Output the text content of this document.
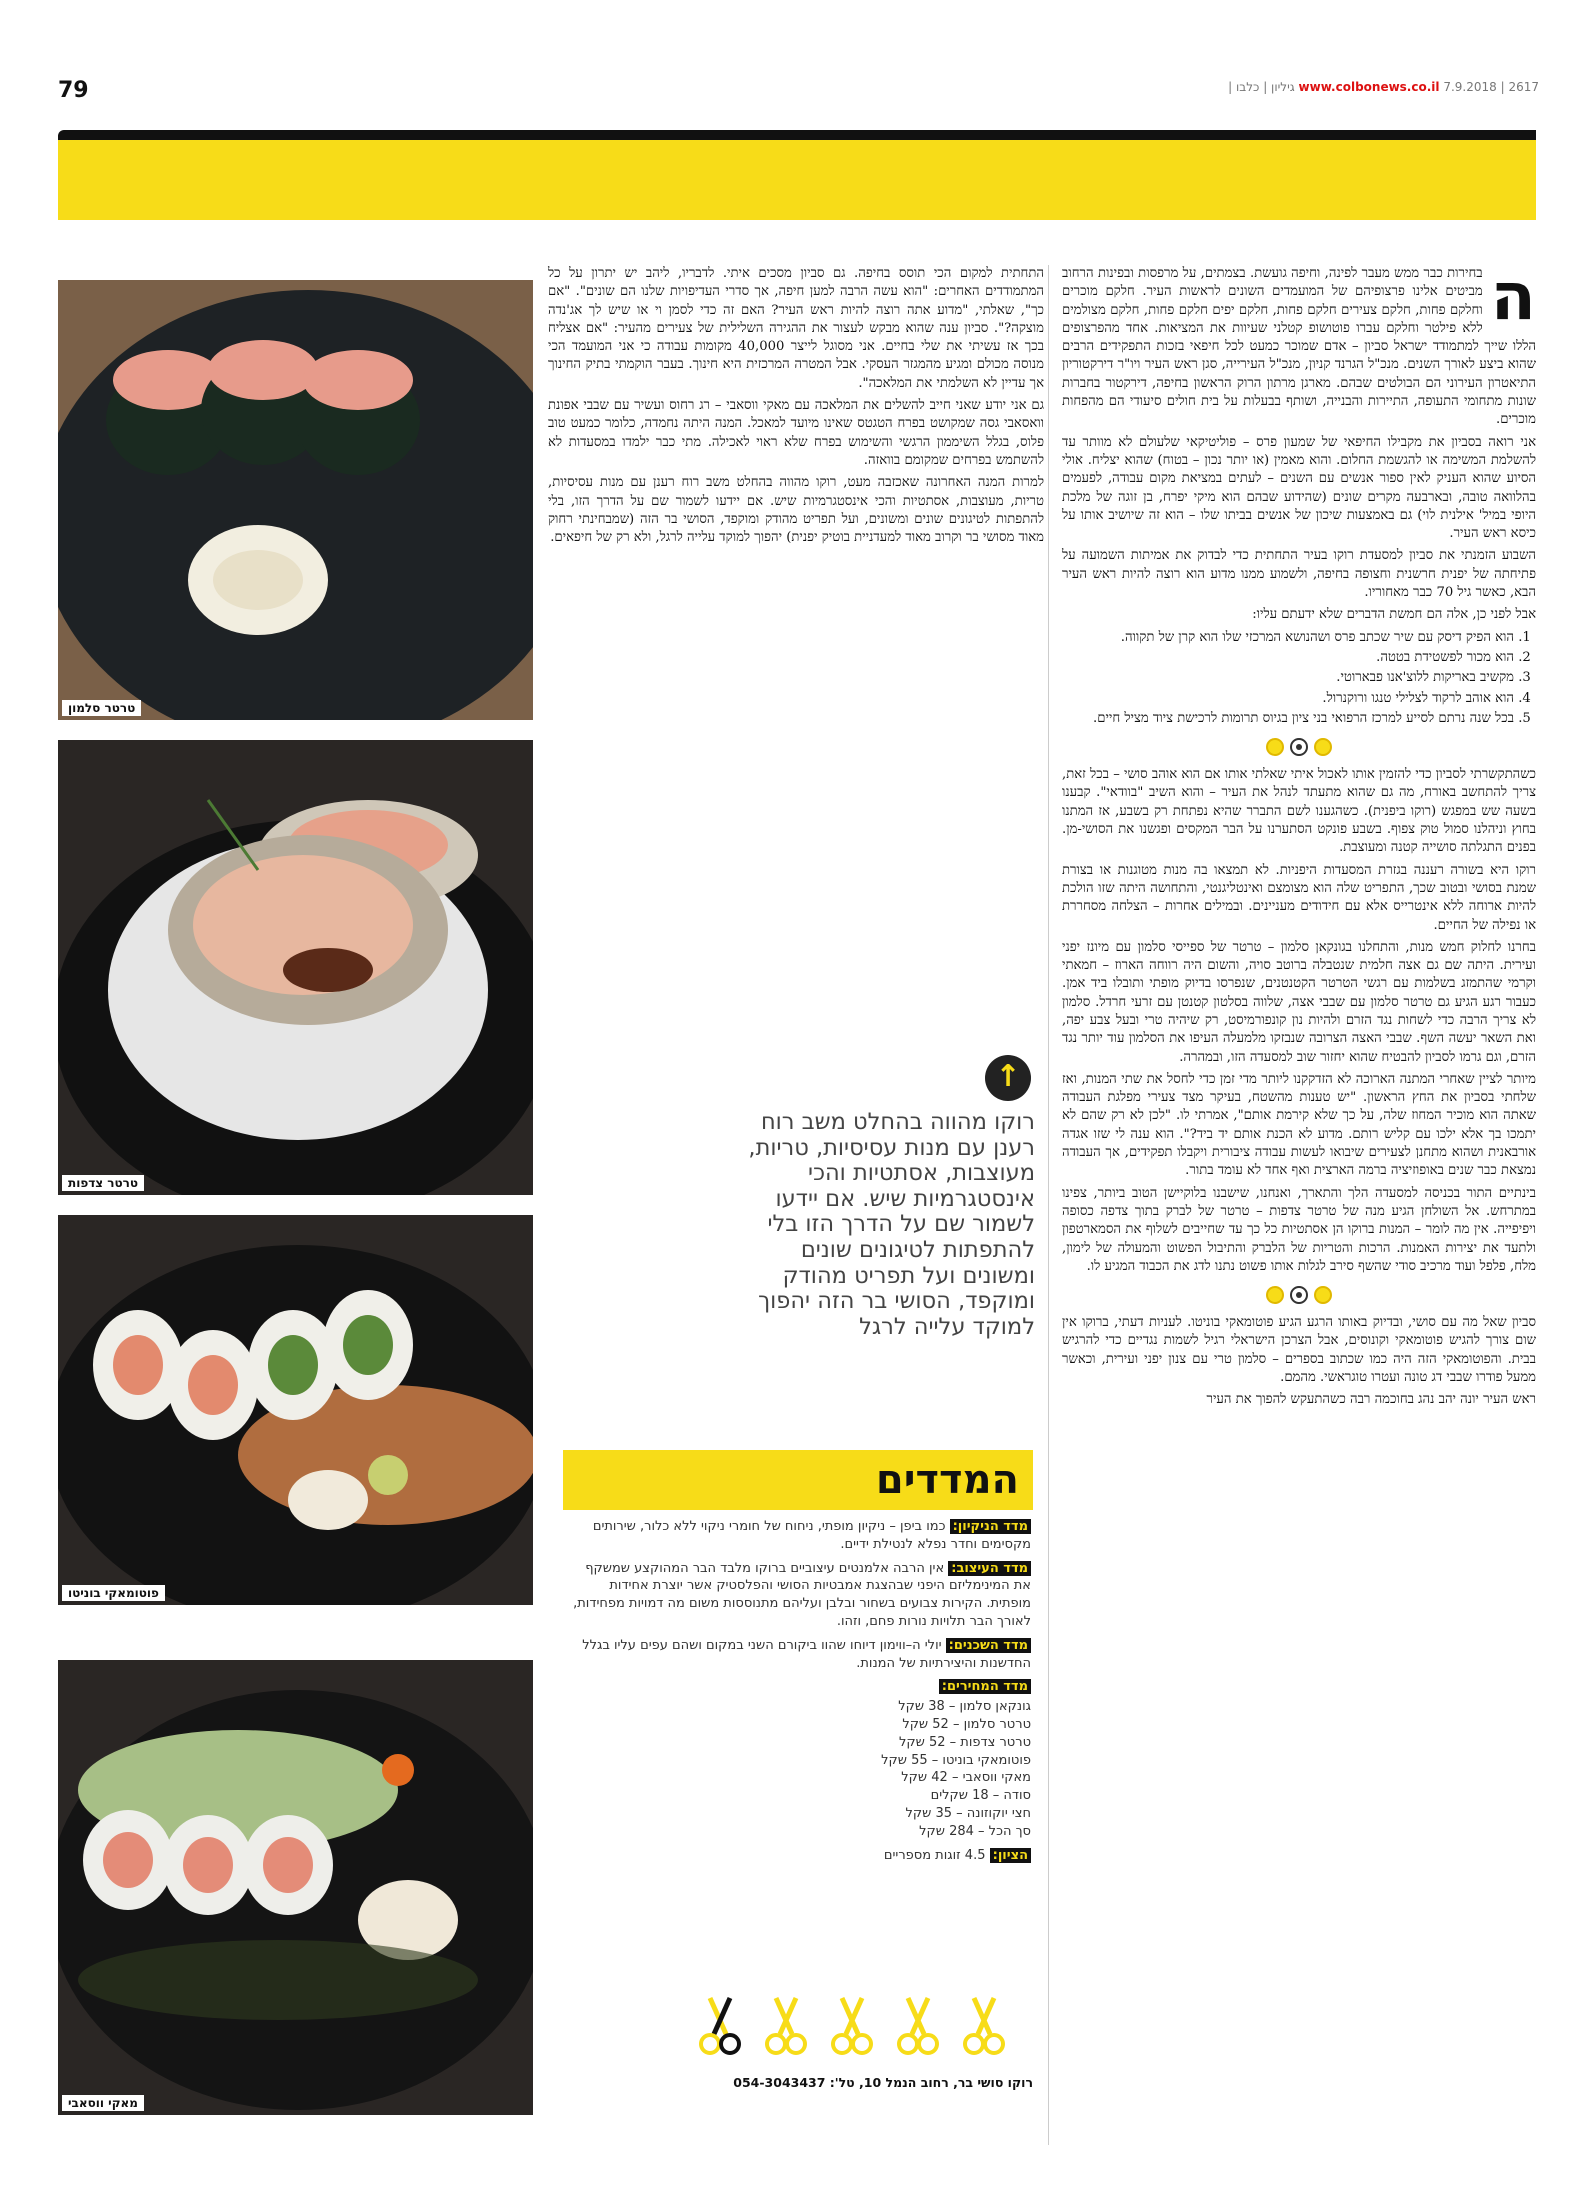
79	www.colbonews.co.il 7.9.2018 | 2617 גיליון | כלבו |
ה

בחירות כבר ממש מעבר לפינה, וחיפה גועשת. בצמתים, על מרפסות ובפינות הרחוב מביטים אלינו פרצופיהם של המועמדים השונים לראשות העיר. חלקם מוכרים וחלקם פחות, חלקם צעירים חלקם פחות, חלקם יפים חלקם פחות, חלקם מצולמים ללא פילטר וחלקם עברו פוטושופ קטלני שעיוות את המציאות. אחד מהפרצופים הללו שייך למתמודד ישראל סביון – אדם שמוכר כמעט לכל חיפאי בזכות התפקידים הרבים שהוא ביצע לאורך השנים. מנכ"ל הגרנד קניון, מנכ"ל העירייה, סגן ראש העיר ויו"ר דירקטוריון התיאטרון העירוני הם הבולטים שבהם. מארגן מרתון הרוק הראשון בחיפה, דירקטור בחברות שונות מתחומי התעופה, התיירות והבנייה, ושותף בבעלות על בית חולים סיעודי הם מהפחות מוכרים.

אני רואה בסביון את מקבילו החיפאי של שמעון פרס – פוליטיקאי שלעולם לא מוותר עד להשלמת המשימה או להגשמת החלום. והוא מאמין (או יותר נכון – בטוח) שהוא יצליח. אולי הסיוע שהוא העניק לאין ספור אנשים עם השנים – לעתים במציאת מקום עבודה, לפעמים בהלוואה טובה, ובארבעה מקרים שונים (שהידוע שבהם הוא מיקי יפרח, בן זוגה של מלכת היופי במיל' אילנית לוי) גם באמצעות שיכון של אנשים בביתו שלו – הוא זה שיושיב אותו על כיסא ראש העיר.

השבוע הזמנתי את סביון למסעדת רוקו בעיר התחתית כדי לבדוק את אמיתות השמועה על פתיחתה של יפנית חרשנית וחצופה בחיפה, ולשמוע ממנו מדוע הוא רוצה להיות ראש העיר הבא, כאשר גיל 70 כבר מאחוריו.

אבל לפני כן, אלה הם חמשת הדברים שלא ידעתם עליו:

1. הוא הפיק דיסק עם שיר שכתב פרס ושהנושא המרכזי שלו הוא קרן של תקווה.
2. הוא מכור לפשטידת בטטה.
3. מקשיב באריקות ללוצ'אנו פבארוטי.
4. הוא אוהב לרקוד לצלילי טנגו ורוקנרול.
5. בכל שנה נרתם לסייע למרכז הרפואי בני ציון בגיוס תרומות לרכישת ציוד מציל חיים.

כשהתקשרתי לסביון כדי להזמין אותו לאכול איתי שאלתי אותו אם הוא אוהב סושי – בכל זאת, צריך להתחשב באורח, מה גם שהוא מתעתד לנהל את העיר – והוא השיב "בוודאי". קבענו בשעה שש במפגש (רוקו ביפנית). כשהגענו לשם התברר שהיא נפתחת רק בשבע, אז המתנו בחוץ וניהלנו סמול טוק צפוף. בשבע פונקט הסתערנו על הבר המקסים ופגשנו את הסושי-מן. בפנים התגלתה סושייה קטנה ומעוצבת.

רוקו היא בשורה רעננה בגזרת המסעדות היפניות. לא תמצאו בה מנות מטוגנות או בצורת שמנת בסושי ובטוב שכך, התפריט שלה הוא מצומצם ואינטליגנטי, והתחושה היתה שזו הולכת להיות ארוחה ללא אינטרייס אלא עם חידודים מעניינים. ובמילים אחרות – הצלחה מסחררת או נפילה של החיים.

בחרנו לחלוק חמש מנות, והתחלנו בגונקאן סלמון – טרטר של ספייסי סלמון עם מיונז יפני ועירית. היתה שם גם אצה חלמית שנטבלה ברוטב סויה, והשום היה רווחה הארוז – חמאתי וקרמי שהתמזג בשלמות עם רגשי הטרטר הקטנטנים, שנפרסו בדיוק מופתי ותובלו ביד אמן. כעבור רגע הגיע גם טרטר סלמון עם שבבי אצה, שלווה בסלטון קטנטן עם זרעי חרדל. סלמון לא צריך הרבה כדי לשחות נגד הזרם ולהיות נון קונפורמיסט, רק שיהיה טרי ובעל צבע יפה, ואת השאר יעשה השף. שבבי האצה הצרובה שנבזקו מלמעלה העיפו את הסלמון עוד יותר נגד הזרם, וגם גרמו לסביון להבטיח שהוא יחזור שוב למסעדה הזו, ובמהרה.

מיותר לציין שאחרי המתנה הארוכה לא הזדקקנו ליותר מדי זמן כדי לחסל את שתי המנות, ואז שלחתי בסביון את החץ הראשון. "יש טענות מהשטח, בעיקר מצד צעירי מפלגת העבודה שאתה הוא מוכיר המחוז שלה, על כך שלא קירמת אותם", אמרתי לו. "לכן לא רק שהם לא יתמכו בך אלא ילכו עם קליש רותם. מדוע לא הכנת אותם יד ביד?". הוא ענה לי שזו אגדה אורבאנית ושהוא מתחנן לצעירים שיבואו לעשות עבודה ציבורית ויקבלו תפקידים, אך העבודה נמצאת כבר שנים באופוזיציה ברמה הארצית ואף אחד לא עומד בתור.

בינתיים התור בכניסה למסעדה הלך והתארך, ואנחנו, שישבנו בלוקיישן הטוב ביותר, צפינו במתרחש. אל השולחן הגיע מנה של טרטר צדפות – טרטר של לברק בתוך צדפה כסופה ויפיפייה. אין מה לומר – המנות ברוקו הן אסתטיות כל כך עד שחייבים לשלוף את הסמארטפון ולתעד את יצירות האמנות. הרכות והטריות של הלברק והתיבול הפשוט והמעולה של לימון, מלח, פלפל ועוד מרכיב סודי שהשף סירב לגלות אותו פשוט נתנו לדג את הכבוד המגיע לו.

סביון שאל מה עם סושי, ובדיוק באותו הרגע הגיע פוטומאקי בוניטו. לעניות דעתי, ברוקו אין שום צורך להגיש פוטומאקי וקונוסים, אבל הצרכן הישראלי רגיל לשמות נגדיים כדי להרגיש בבית. והפוטומאקי הזה היה כמו שכתוב בספרים – סלמון טרי עם צנון יפני ועירית, וכאשר ממעל פודרו שבבי דג טונה ועטרו טוגראשי. מהמם.

ראש העיר יונה יהב נהג בחוכמה רבה כשהתעקש להפוך את העיר

התחתית למקום הכי תוסס בחיפה. גם סביון מסכים איתי. לדבריו, ליהב יש יתרון על כל המתמודדים האחרים: "הוא עשה הרבה למען חיפה, אך סדרי העדיפויות שלנו הם שונים". "אם כך", שאלתי, "מדוע אתה רוצה להיות ראש העיר? האם זה כדי לסמן וי או שיש לך אג'נדה מוצקה?". סביון ענה שהוא מבקש לעצור את ההגירה השלילית של צעירים מהעיר: "אם אצליח בכך אז עשיתי את שלי בחיים. אני מסוגל לייצר 40,000 מקומות עבודה כי אני המועמד הכי מנוסה מכולם ומגיע מהמגזר העסקי. אבל המטרה המרכזית היא חינוך. בעבר הוקמתי בתיק החינוך אך עדיין לא השלמתי את המלאכה".

גם אני יודע שאני חייב להשלים את המלאכה עם מאקי ווסאבי – רג רחוס ועשיר עם שבבי אפונת וואסאבי גסה שמקושט בפרח הטגטס שאינו מיועד למאכל. המנה היתה נחמדה, כלומר כמעט טוב פלוס, בגלל השיממון הרגשי והשימוש בפרח שלא ראוי לאכילה. מתי כבר ילמדו במסעדות לא להשתמש בפרחים שמקומם בוואזה.

למרות המנה האחרונה שאכזבה מעט, רוקו מהווה בהחלט משב רוח רענן עם מנות עסיסיות, טריות, מעוצבות, אסתטיות והכי אינסטגרמיות שיש. אם יידעו לשמור שם על הדרך הזו, בלי להתפתות לטיגונים שונים ומשונים, ועל תפריט מהודק ומוקפד, הסושי בר הזה (שמבחינתי רחוק מאוד מסושי בר וקרוב מאוד למעדניית בוטיק יפנית) יהפוך למוקד עלייה לרגל, ולא רק של חיפאים.

טרטר סלמון
טרטר צדפות
פוטומאקי בוניטו
מאקי ווסאבי
↑
רוקו מהווה בהחלט משב רוח רענן עם מנות עסיסיות, טריות, מעוצבות, אסתטיות והכי אינסטגרמיות שיש. אם יידעו לשמור שם על הדרך הזו בלי להתפתות לטיגונים שונים ומשונים ועל תפריט מהודק ומוקפד, הסושי בר הזה יהפוך למוקד עלייה לרגל
המדדים
מדד הניקיון: כמו ביפן – ניקיון מופתי, ניחוח של חומרי ניקוי ללא כלור, שירותים מקסימים וחדר נפלא לנטילת ידיים.
מדד העיצוב: אין הרבה אלמנטים עיצוביים ברוקו מלבד הבר המהוקצע שמשקף את המינימליזם היפני שבהצגת אמבטיות הסושי והפלסטיק אשר יוצרת אחידות מופתית. הקירות צבועים בשחור ובלבן ועליהם מתנוססות משום מה דמויות מפחידות, לאורך הבר תלויות נורות פחם, וזהו.
מדד השכנים: יולי ה–ווימון דיוחו שהוו ביקורם השני במקום ושהם עפים עליו בגלל החדשנות והיצירתיות של המנות.
מדד המחירים:
גונקאן סלמון – 38 שקל
טרטר סלמון – 52 שקל
טרטר צדפות – 52 שקל
פוטומאקי בוניטו – 55 שקל
מאקי ווסאבי – 42 שקל
סודה – 18 שקלים
חצי יוקוזונה – 35 שקל
סך הכל – 284 שקל
הציון: 4.5 זוגות מספריים
רוקו סושי בר, רחוב הנמל 10, טל': 054-3043437
